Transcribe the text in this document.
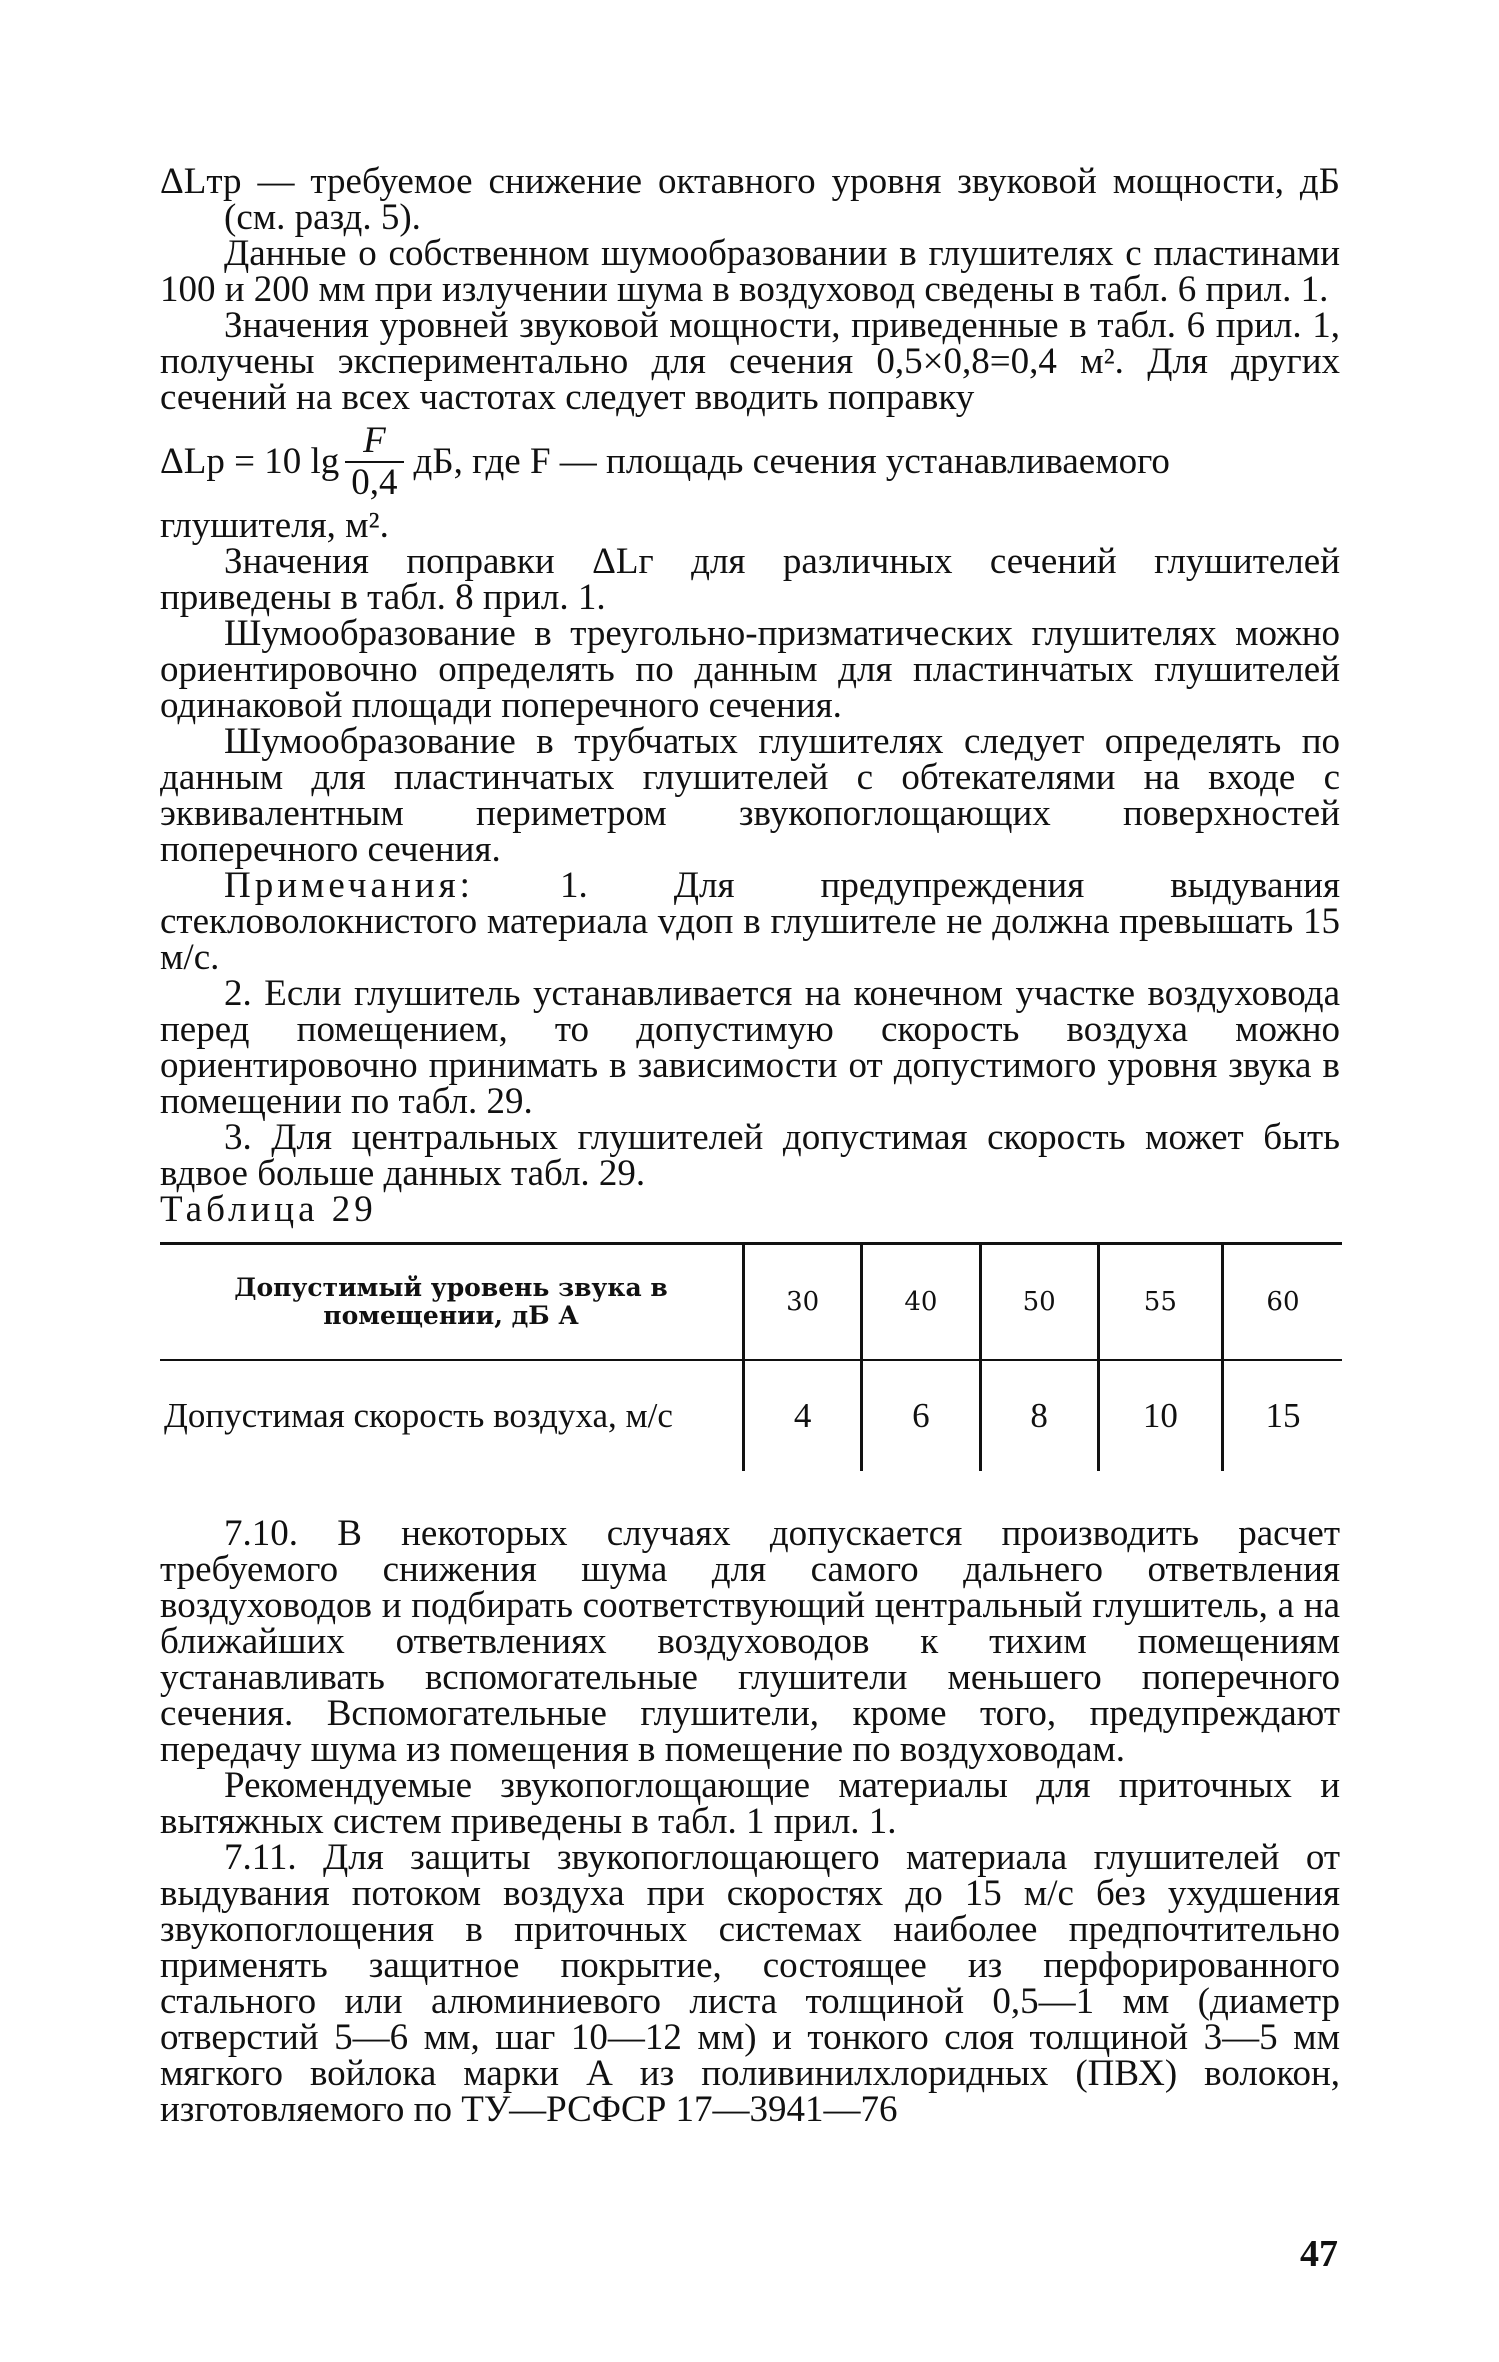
ΔLтр — требуемое снижение октавного уровня звуковой мощности, дБ (см. разд. 5).

Данные о собственном шумообразовании в глушителях с пластинами 100 и 200 мм при излучении шума в воздуховод сведены в табл. 6 прил. 1.

Значения уровней звуковой мощности, приведенные в табл. 6 прил. 1, получены экспериментально для сечения 0,5×0,8=0,4 м². Для других сечений на всех частотах следует вводить поправку

ΔLр = 10 $\lg \frac{F}{0,4}$ дБ, где F — площадь сечения устанавливаемого

глушителя, м².

Значения поправки ΔLг для различных сечений глушителей приведены в табл. 8 прил. 1.

Шумообразование в треугольно-призматических глушителях можно ориентировочно определять по данным для пластинчатых глушителей одинаковой площади поперечного сечения.

Шумообразование в трубчатых глушителях следует определять по данным для пластинчатых глушителей с обтекателями на входе с эквивалентным периметром звукопоглощающих поверхностей поперечного сечения.

Примечания: 1. Для предупреждения выдувания стекловолокнистого материала vдоп в глушителе не должна превышать 15 м/с.

2. Если глушитель устанавливается на конечном участке воздуховода перед помещением, то допустимую скорость воздуха можно ориентировочно принимать в зависимости от допустимого уровня звука в помещении по табл. 29.

3. Для центральных глушителей допустимая скорость может быть вдвое больше данных табл. 29.

Таблица 29

Допустимый уровень звука в помещении, дБ А	30	40	50	55	60
Допустимая скорость воздуха, м/с	4	6	8	10	15

7.10. В некоторых случаях допускается производить расчет требуемого снижения шума для самого дальнего ответвления воздуховодов и подбирать соответствующий центральный глушитель, а на ближайших ответвлениях воздуховодов к тихим помещениям устанавливать вспомогательные глушители меньшего поперечного сечения. Вспомогательные глушители, кроме того, предупреждают передачу шума из помещения в помещение по воздуховодам.

Рекомендуемые звукопоглощающие материалы для приточных и вытяжных систем приведены в табл. 1 прил. 1.

7.11. Для защиты звукопоглощающего материала глушителей от выдувания потоком воздуха при скоростях до 15 м/с без ухудшения звукопоглощения в приточных системах наиболее предпочтительно применять защитное покрытие, состоящее из перфорированного стального или алюминиевого листа толщиной 0,5—1 мм (диаметр отверстий 5—6 мм, шаг 10—12 мм) и тонкого слоя толщиной 3—5 мм мягкого войлока марки А из поливинилхлоридных (ПВХ) волокон, изготовляемого по ТУ—РСФСР 17—3941—76

47
